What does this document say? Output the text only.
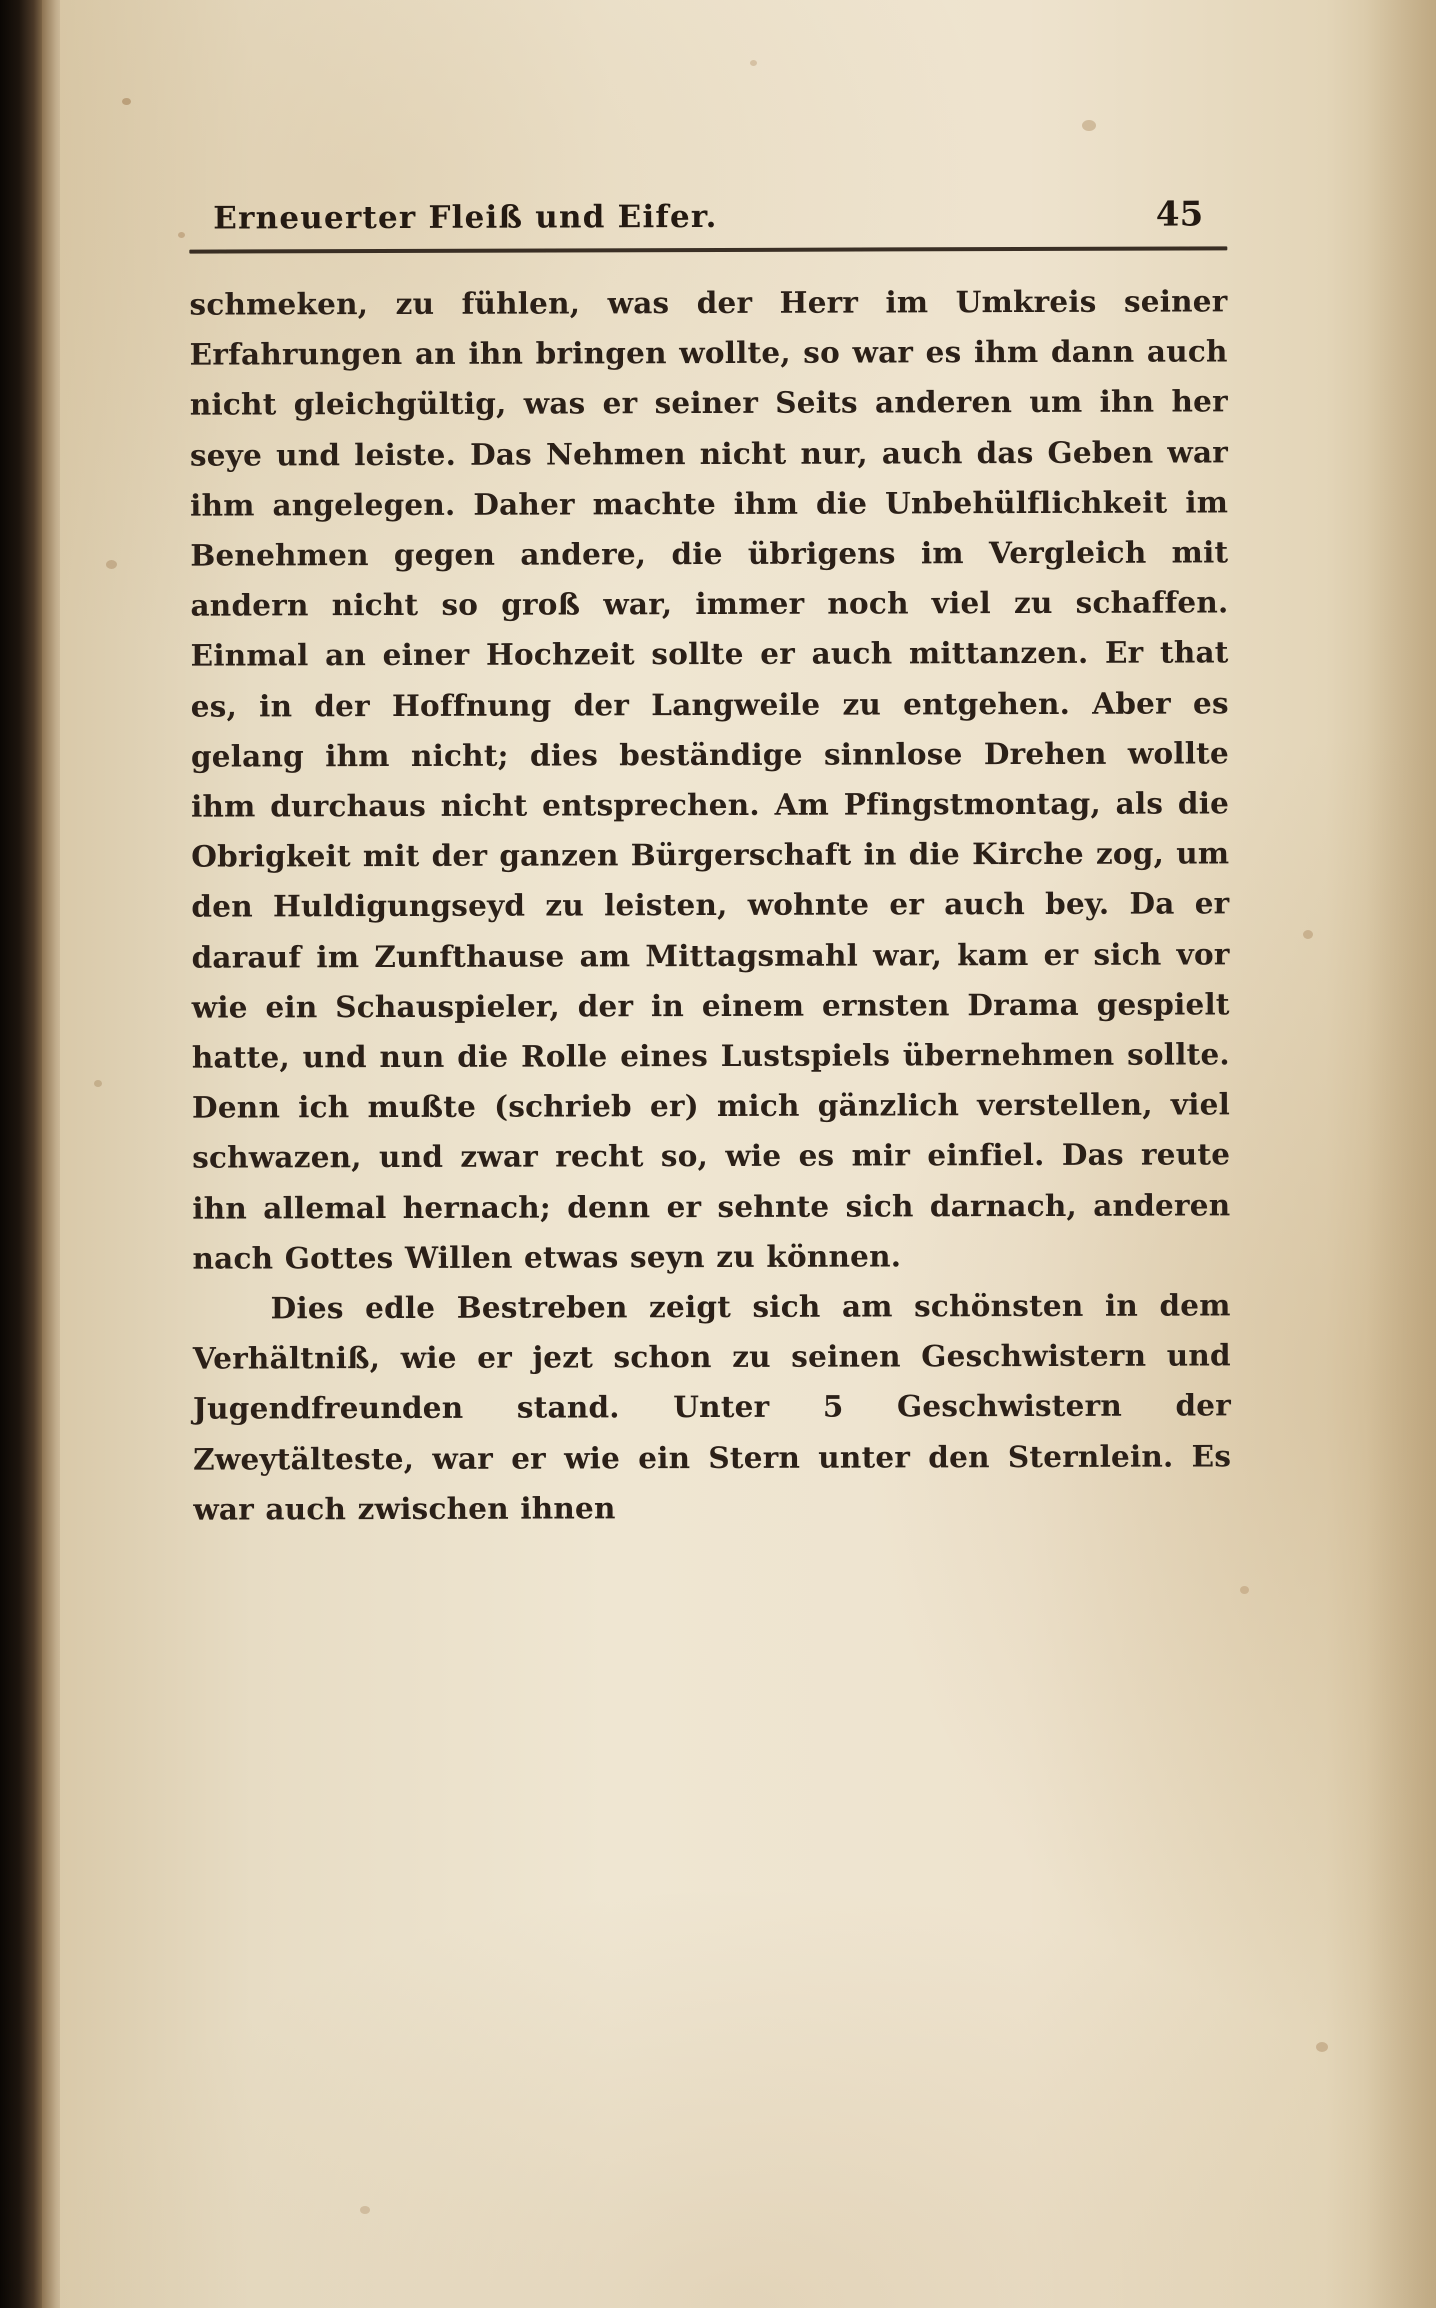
Erneuerter Fleiß und Eifer.	45

schmeken, zu fühlen, was der Herr im Umkreis seiner Erfahrungen an ihn bringen wollte, so war es ihm dann auch nicht gleichgültig, was er seiner Seits anderen um ihn her seye und leiste. Das Nehmen nicht nur, auch das Geben war ihm angelegen. Daher machte ihm die Unbehülflichkeit im Benehmen gegen andere, die übrigens im Vergleich mit andern nicht so groß war, immer noch viel zu schaffen. Einmal an einer Hochzeit sollte er auch mittanzen. Er that es, in der Hoffnung der Langweile zu entgehen. Aber es gelang ihm nicht; dies beständige sinnlose Drehen wollte ihm durchaus nicht entsprechen. Am Pfingstmontag, als die Obrigkeit mit der ganzen Bürgerschaft in die Kirche zog, um den Huldigungseyd zu leisten, wohnte er auch bey. Da er darauf im Zunfthause am Mittagsmahl war, kam er sich vor wie ein Schauspieler, der in einem ernsten Drama gespielt hatte, und nun die Rolle eines Lustspiels übernehmen sollte. Denn ich mußte (schrieb er) mich gänzlich verstellen, viel schwazen, und zwar recht so, wie es mir einfiel. Das reute ihn allemal hernach; denn er sehnte sich darnach, anderen nach Gottes Willen etwas seyn zu können.

Dies edle Bestreben zeigt sich am schönsten in dem Verhältniß, wie er jezt schon zu seinen Geschwistern und Jugendfreunden stand. Unter 5 Geschwistern der Zweytälteste, war er wie ein Stern unter den Sternlein. Es war auch zwischen ihnen
